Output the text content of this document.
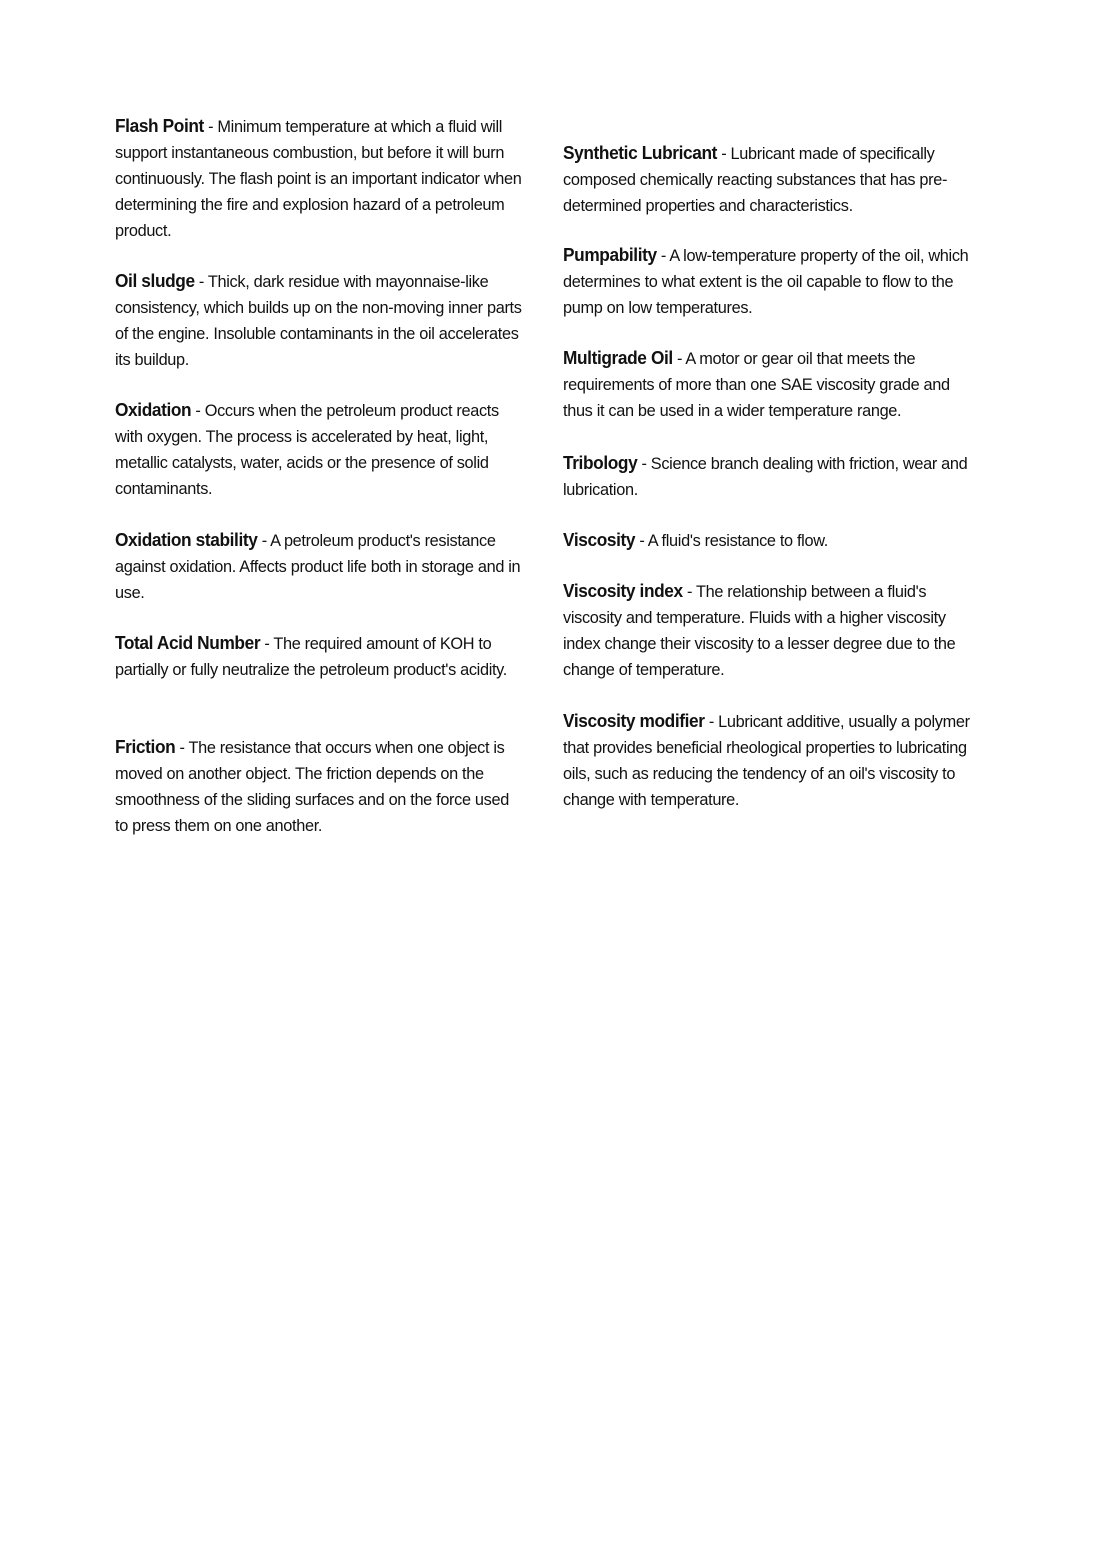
Flash Point - Minimum temperature at which a fluid will support instantaneous combustion, but before it will burn continuously. The flash point is an important indicator when determining the fire and explosion hazard of a petroleum product.

Oil sludge - Thick, dark residue with mayonnaise-like consistency, which builds up on the non-moving inner parts of the engine. Insoluble contaminants in the oil accelerates its buildup.

Oxidation - Occurs when the petroleum product reacts with oxygen. The process is accelerated by heat, light, metallic catalysts, water, acids or the presence of solid contaminants.

Oxidation stability - A petroleum product's resistance against oxidation. Affects product life both in storage and in use.

Total Acid Number - The required amount of KOH to partially or fully neutralize the petroleum product's acidity.

Friction - The resistance that occurs when one object is moved on another object. The friction depends on the smoothness of the sliding surfaces and on the force used to press them on one another.

Synthetic Lubricant - Lubricant made of specifically composed chemically reacting substances that has pre-determined properties and characteristics.

Pumpability - A low-temperature property of the oil, which determines to what extent is the oil capable to flow to the pump on low temperatures.

Multigrade Oil - A motor or gear oil that meets the requirements of more than one SAE viscosity grade and thus it can be used in a wider temperature range.

Tribology - Science branch dealing with friction, wear and lubrication.

Viscosity - A fluid's resistance to flow.

Viscosity index - The relationship between a fluid's viscosity and temperature. Fluids with a higher viscosity index change their viscosity to a lesser degree due to the change of temperature.

Viscosity modifier - Lubricant additive, usually a polymer that provides beneficial rheological properties to lubricating oils, such as reducing the tendency of an oil's viscosity to change with temperature.
